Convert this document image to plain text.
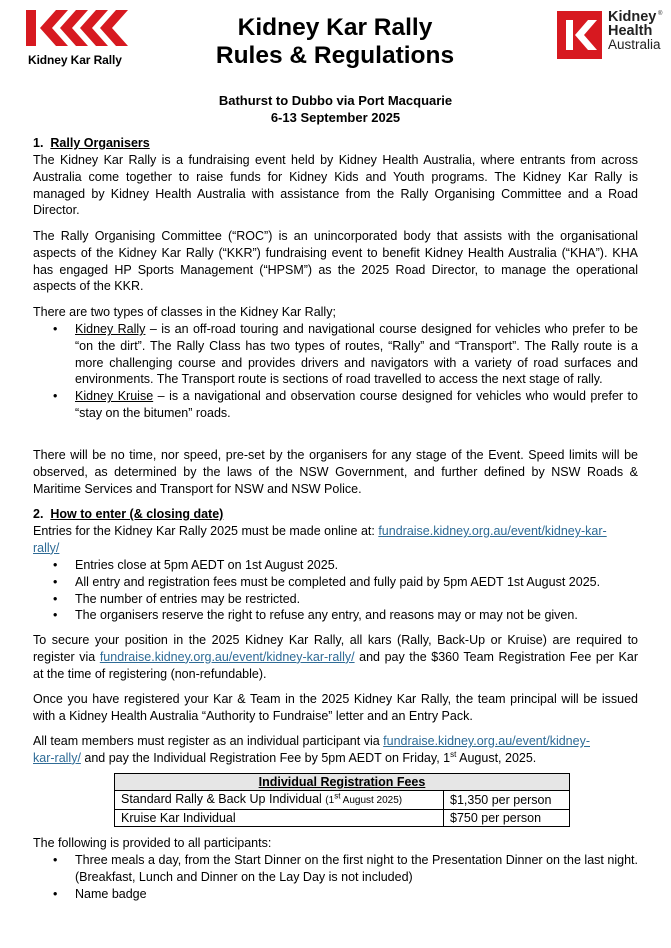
Kidney Kar Rally
Kidney Kar Rally
Rules & Regulations
Kidney
Health
Australia
®
Bathurst to Dubbo via Port Macquarie
6-13 September 2025
1. Rally Organisers
The Kidney Kar Rally is a fundraising event held by Kidney Health Australia, where entrants from across Australia come together to raise funds for Kidney Kids and Youth programs. The Kidney Kar Rally is managed by Kidney Health Australia with assistance from the Rally Organising Committee and a Road Director.
The Rally Organising Committee (“ROC”) is an unincorporated body that assists with the organisational aspects of the Kidney Kar Rally (“KKR”) fundraising event to benefit Kidney Health Australia (“KHA”). KHA has engaged HP Sports Management (“HPSM”) as the 2025 Road Director, to manage the operational aspects of the KKR.
There are two types of classes in the Kidney Kar Rally;
• Kidney Rally – is an off-road touring and navigational course designed for vehicles who prefer to be “on the dirt”. The Rally Class has two types of routes, “Rally” and “Transport”. The Rally route is a more challenging course and provides drivers and navigators with a variety of road surfaces and environments. The Transport route is sections of road travelled to access the next stage of rally.
• Kidney Kruise – is a navigational and observation course designed for vehicles who would prefer to “stay on the bitumen” roads.
There will be no time, nor speed, pre-set by the organisers for any stage of the Event. Speed limits will be observed, as determined by the laws of the NSW Government, and further defined by NSW Roads & Maritime Services and Transport for NSW and NSW Police.
2. How to enter (& closing date)
Entries for the Kidney Kar Rally 2025 must be made online at: fundraise.kidney.org.au/event/kidney-kar-
rally/
• Entries close at 5pm AEDT on 1st August 2025.
• All entry and registration fees must be completed and fully paid by 5pm AEDT 1st August 2025.
• The number of entries may be restricted.
• The organisers reserve the right to refuse any entry, and reasons may or may not be given.
To secure your position in the 2025 Kidney Kar Rally, all kars (Rally, Back-Up or Kruise) are required to register via fundraise.kidney.org.au/event/kidney-kar-rally/ and pay the $360 Team Registration Fee per Kar at the time of registering (non-refundable).
Once you have registered your Kar & Team in the 2025 Kidney Kar Rally, the team principal will be issued with a Kidney Health Australia “Authority to Fundraise” letter and an Entry Pack.
All team members must register as an individual participant via fundraise.kidney.org.au/event/kidney-
kar-rally/ and pay the Individual Registration Fee by 5pm AEDT on Friday, 1st August, 2025.
Individual Registration Fees	
Standard Rally & Back Up Individual (1st August 2025)	$1,350 per person
Kruise Kar Individual	$750 per person
The following is provided to all participants:
• Three meals a day, from the Start Dinner on the first night to the Presentation Dinner on the last night. (Breakfast, Lunch and Dinner on the Lay Day is not included)
• Name badge
